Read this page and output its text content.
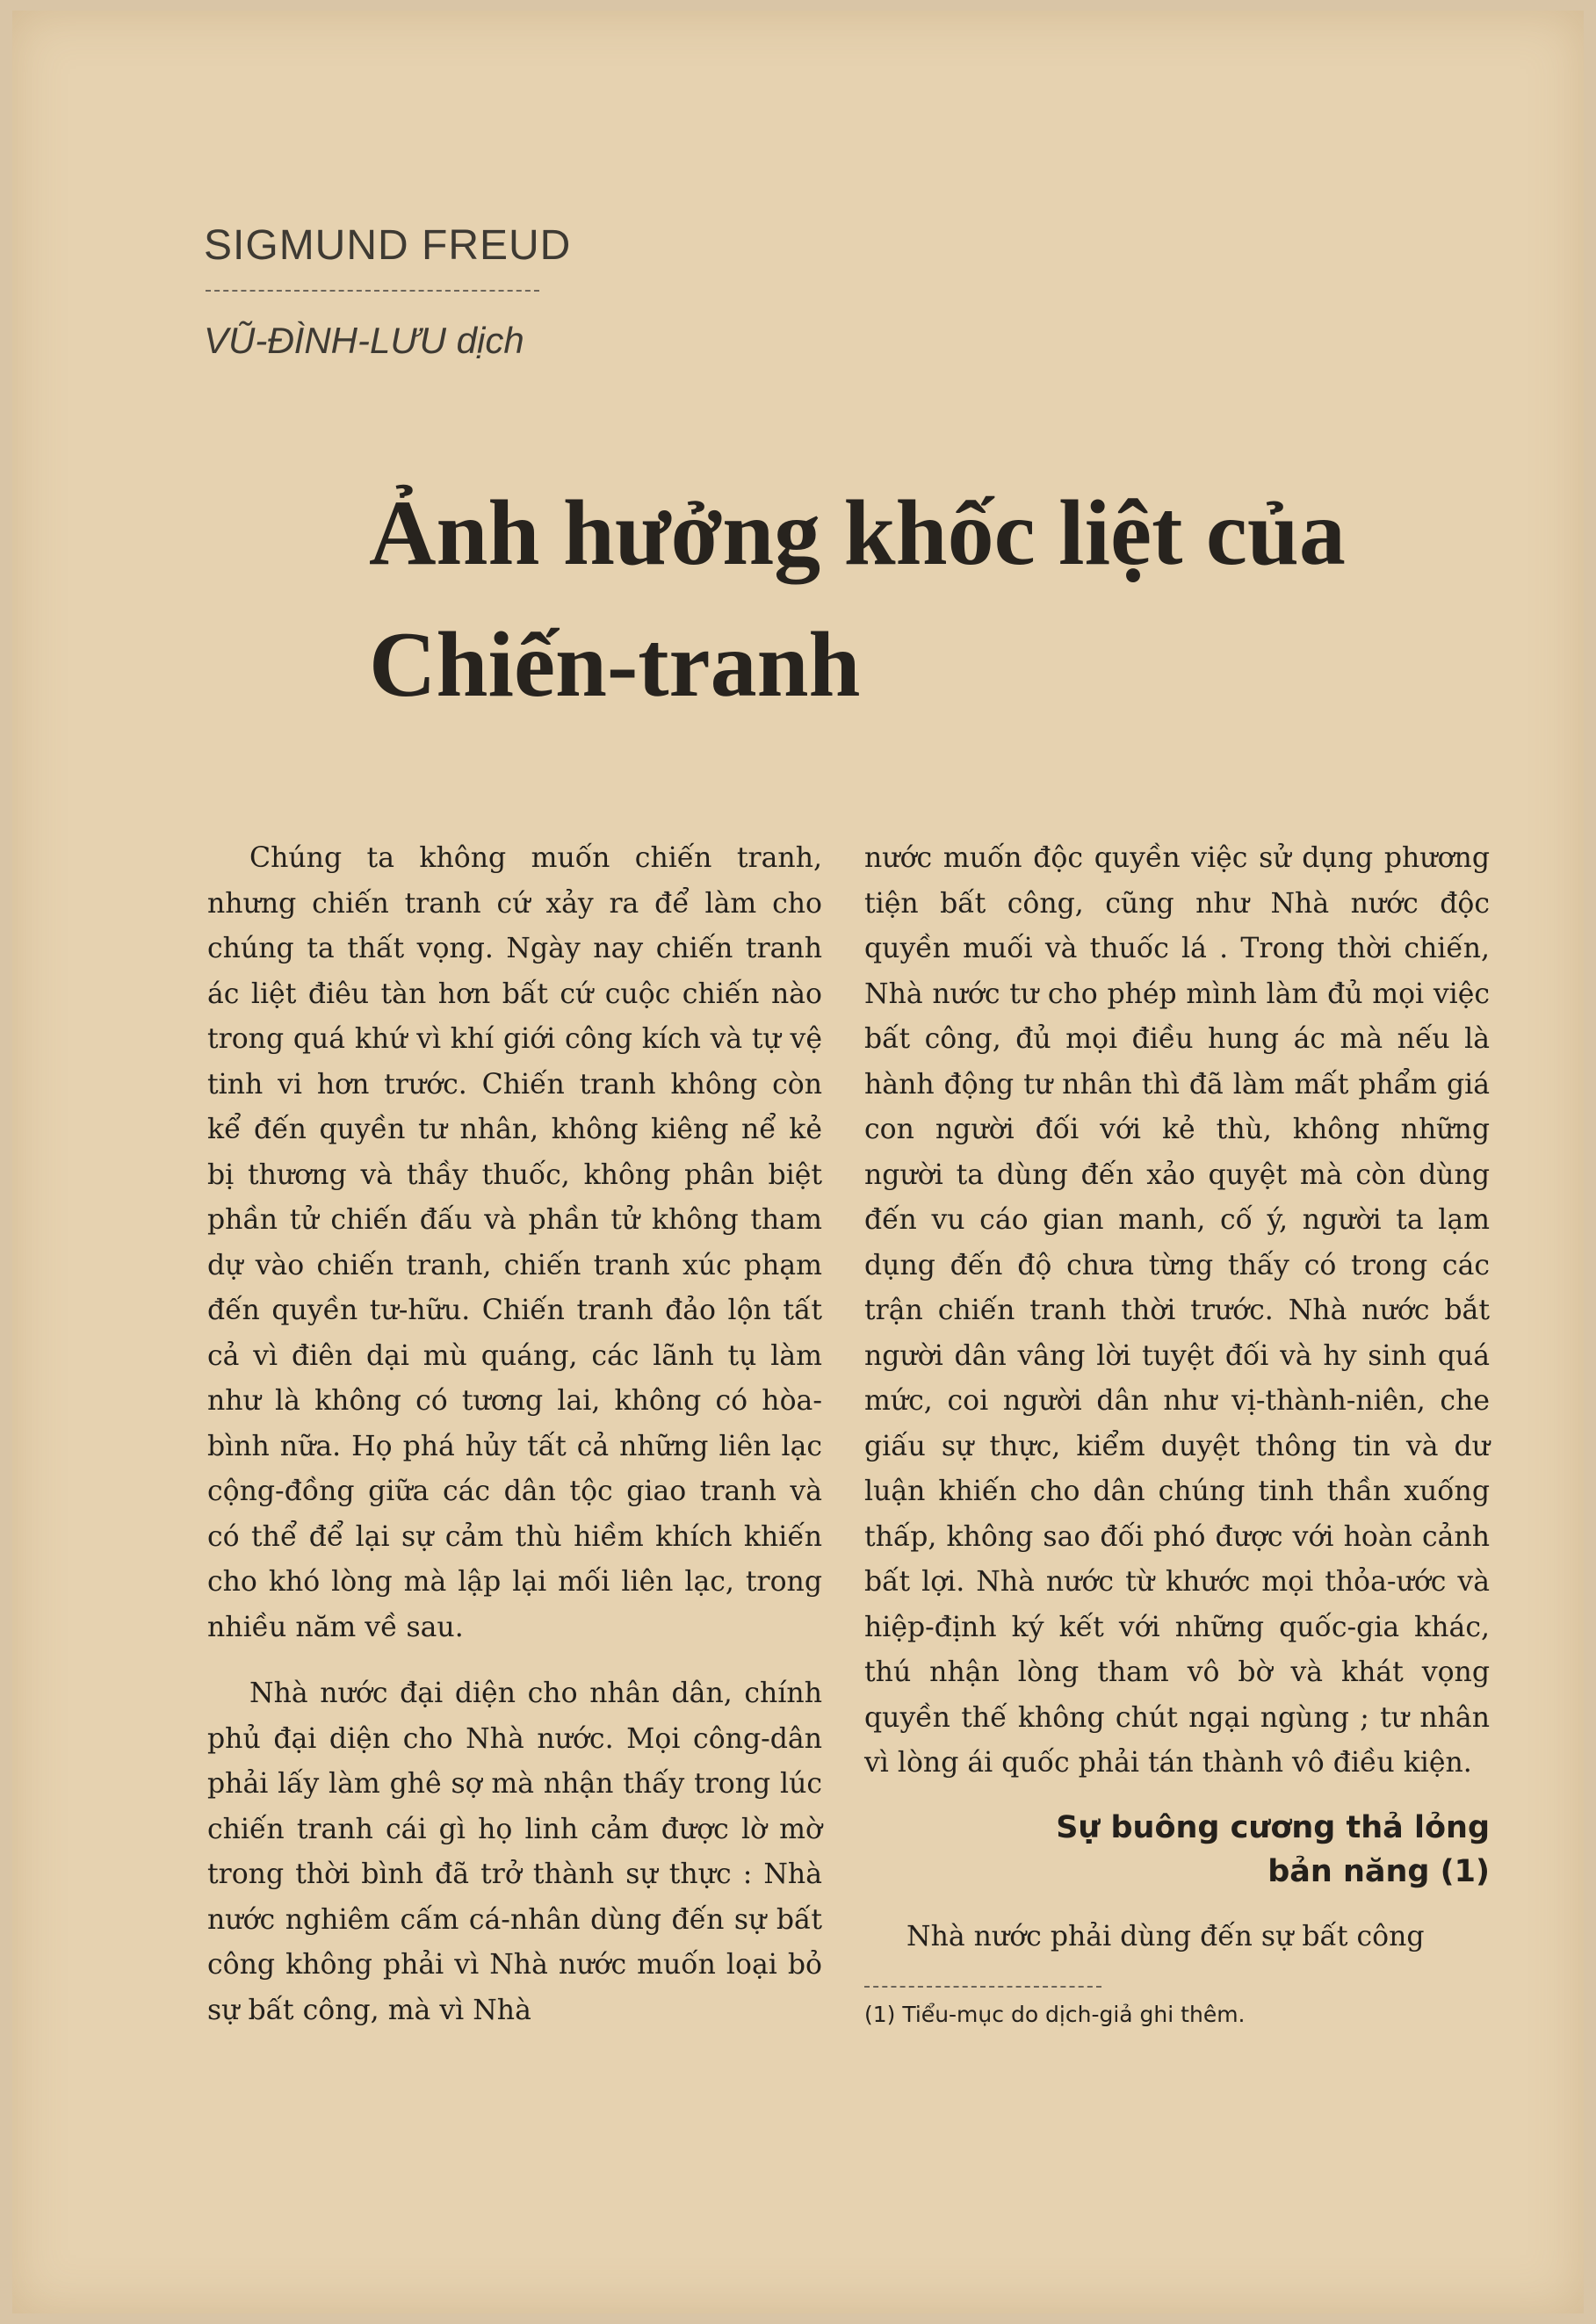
SIGMUND FREUD

VŨ-ĐÌNH-LƯU dịch

Ảnh hưởng khốc liệt của
Chiến-tranh

Chúng ta không muốn chiến tranh, nhưng chiến tranh cứ xảy ra để làm cho chúng ta thất vọng. Ngày nay chiến tranh ác liệt điêu tàn hơn bất cứ cuộc chiến nào trong quá khứ vì khí giới công kích và tự vệ tinh vi hơn trước. Chiến tranh không còn kể đến quyền tư nhân, không kiêng nể kẻ bị thương và thầy thuốc, không phân biệt phần tử chiến đấu và phần tử không tham dự vào chiến tranh, chiến tranh xúc phạm đến quyền tư-hữu. Chiến tranh đảo lộn tất cả vì điên dại mù quáng, các lãnh tụ làm như là không có tương lai, không có hòa-bình nữa. Họ phá hủy tất cả những liên lạc cộng-đồng giữa các dân tộc giao tranh và có thể để lại sự cảm thù hiềm khích khiến cho khó lòng mà lập lại mối liên lạc, trong nhiều năm về sau.

Nhà nước đại diện cho nhân dân, chính phủ đại diện cho Nhà nước. Mọi công-dân phải lấy làm ghê sợ mà nhận thấy trong lúc chiến tranh cái gì họ linh cảm được lờ mờ trong thời bình đã trở thành sự thực : Nhà nước nghiêm cấm cá-nhân dùng đến sự bất công không phải vì Nhà nước muốn loại bỏ sự bất công, mà vì Nhà

nước muốn độc quyền việc sử dụng phương tiện bất công, cũng như Nhà nước độc quyền muối và thuốc lá . Trong thời chiến, Nhà nước tư cho phép mình làm đủ mọi việc bất công, đủ mọi điều hung ác mà nếu là hành động tư nhân thì đã làm mất phẩm giá con người đối với kẻ thù, không những người ta dùng đến xảo quyệt mà còn dùng đến vu cáo gian manh, cố ý, người ta lạm dụng đến độ chưa từng thấy có trong các trận chiến tranh thời trước. Nhà nước bắt người dân vâng lời tuyệt đối và hy sinh quá mức, coi người dân như vị-thành-niên, che giấu sự thực, kiểm duyệt thông tin và dư luận khiến cho dân chúng tinh thần xuống thấp, không sao đối phó được với hoàn cảnh bất lợi. Nhà nước từ khước mọi thỏa-ước và hiệp-định ký kết với những quốc-gia khác, thú nhận lòng tham vô bờ và khát vọng quyền thế không chút ngại ngùng ; tư nhân vì lòng ái quốc phải tán thành vô điều kiện.

Sự buông cương thả lỏng
bản năng (1)

Nhà nước phải dùng đến sự bất công

(1) Tiểu-mục do dịch-giả ghi thêm.
